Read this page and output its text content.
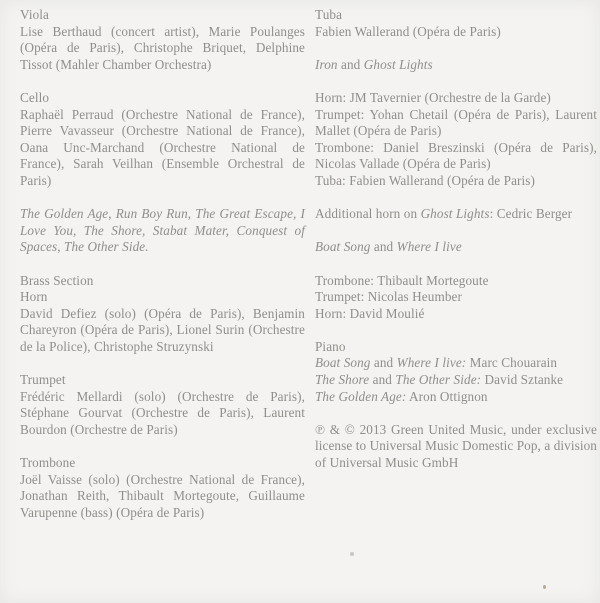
Viola

Lise Berthaud (concert artist), Marie Poulanges (Opéra de Paris), Christophe Briquet, Delphine Tissot (Mahler Chamber Orchestra)

Cello

Raphaël Perraud (Orchestre National de France), Pierre Vavasseur (Orchestre National de France), Oana Unc-Marchand (Orchestre National de France), Sarah Veilhan (Ensemble Orchestral de Paris)

The Golden Age, Run Boy Run, The Great Escape, I Love You, The Shore, Stabat Mater, Conquest of Spaces, The Other Side.

Brass Section

Horn

David Defiez (solo) (Opéra de Paris), Benjamin Chareyron (Opéra de Paris), Lionel Surin (Orchestre de la Police), Christophe Struzynski

Trumpet

Frédéric Mellardi (solo) (Orchestre de Paris), Stéphane Gourvat (Orchestre de Paris), Laurent Bourdon (Orchestre de Paris)

Trombone

Joël Vaisse (solo) (Orchestre National de France), Jonathan Reith, Thibault Mortegoute, Guillaume Varupenne (bass) (Opéra de Paris)

Tuba

Fabien Wallerand (Opéra de Paris)

Iron and Ghost Lights

Horn: JM Tavernier (Orchestre de la Garde)

Trumpet: Yohan Chetail (Opéra de Paris), Laurent Mallet (Opéra de Paris)

Trombone: Daniel Breszinski (Opéra de Paris), Nicolas Vallade (Opéra de Paris)

Tuba: Fabien Wallerand (Opéra de Paris)

Additional horn on Ghost Lights: Cedric Berger

Boat Song and Where I live

Trombone: Thibault Mortegoute

Trumpet: Nicolas Heumber

Horn: David Moulié

Piano

Boat Song and Where I live: Marc Chouarain

The Shore and The Other Side: David Sztanke

The Golden Age: Aron Ottignon

℗ & © 2013 Green United Music, under exclusive license to Universal Music Domestic Pop, a division of Universal Music GmbH
